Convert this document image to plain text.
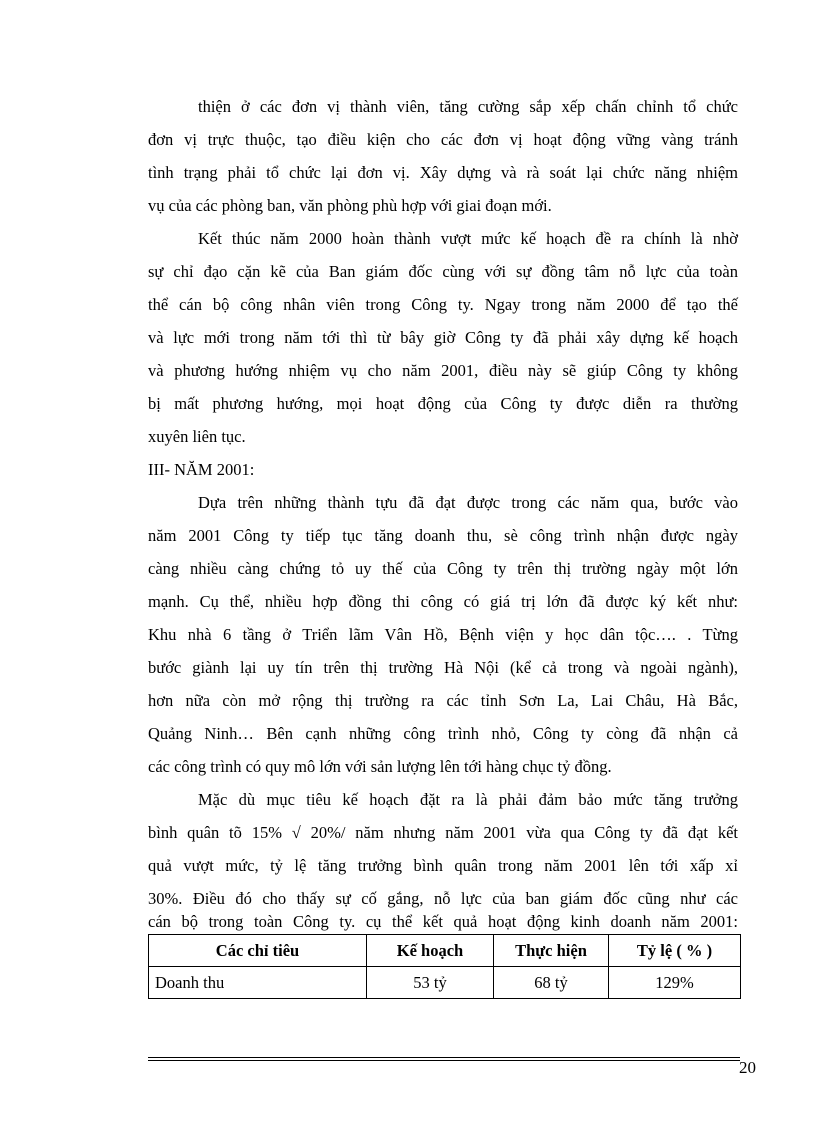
thiện ở các đơn vị thành viên, tăng cường sắp xếp chấn chỉnh tổ chức
đơn vị trực thuộc, tạo điều kiện cho các đơn vị hoạt động vững vàng tránh
tình trạng phải tổ chức lại đơn vị. Xây dựng và rà soát lại chức năng nhiệm
vụ của các phòng ban, văn phòng phù hợp với giai đoạn mới.
Kết thúc năm 2000 hoàn thành vượt mức kế hoạch đề ra chính là nhờ
sự chỉ đạo cặn kẽ của Ban giám đốc cùng với sự đồng tâm nỗ lực của toàn
thể cán bộ công nhân viên trong Công ty. Ngay trong năm 2000 để tạo thế
và lực mới trong năm tới thì từ bây giờ Công ty đã phải xây dựng kế hoạch
và phương hướng nhiệm vụ cho năm 2001, điều này sẽ giúp Công ty không
bị mất phương hướng, mọi hoạt động của Công ty được diễn ra thường
xuyên liên tục.
III- NĂM 2001:
Dựa trên những thành tựu đã đạt được trong các năm qua, bước vào
năm 2001 Công ty tiếp tục tăng doanh thu, sè công trình nhận được ngày
càng nhiều càng chứng tỏ uy thế của Công ty trên thị trường ngày một lớn
mạnh. Cụ thể, nhiều hợp đồng thi công có giá trị lớn đã được ký kết như:
Khu nhà 6 tầng ở Triển lãm Vân Hồ, Bệnh viện y học dân tộc…. . Từng
bước giành lại uy tín trên thị trường Hà Nội (kể cả trong và ngoài ngành),
hơn nữa còn mở rộng thị trường ra các tỉnh Sơn La, Lai Châu, Hà Bắc,
Quảng Ninh… Bên cạnh những công trình nhỏ, Công ty còng đã nhận cả
các công trình có quy mô lớn với sản lượng lên tới hàng chục tỷ đồng.
Mặc dù mục tiêu kế hoạch đặt ra là phải đảm bảo mức tăng trưởng
bình quân tõ 15% √ 20%/ năm nhưng năm 2001 vừa qua Công ty đã đạt kết
quả vượt mức, tỷ lệ tăng trưởng bình quân trong năm 2001 lên tới xấp xỉ
30%. Điều đó cho thấy sự cố gắng, nỗ lực của ban giám đốc cũng như các
cán bộ trong toàn Công ty. cụ thể kết quả hoạt động kinh doanh năm 2001:
Các chỉ tiêu	Kế hoạch	Thực hiện	Tỷ lệ ( % )
Doanh thu	53 tỷ	68 tỷ	129%
20
